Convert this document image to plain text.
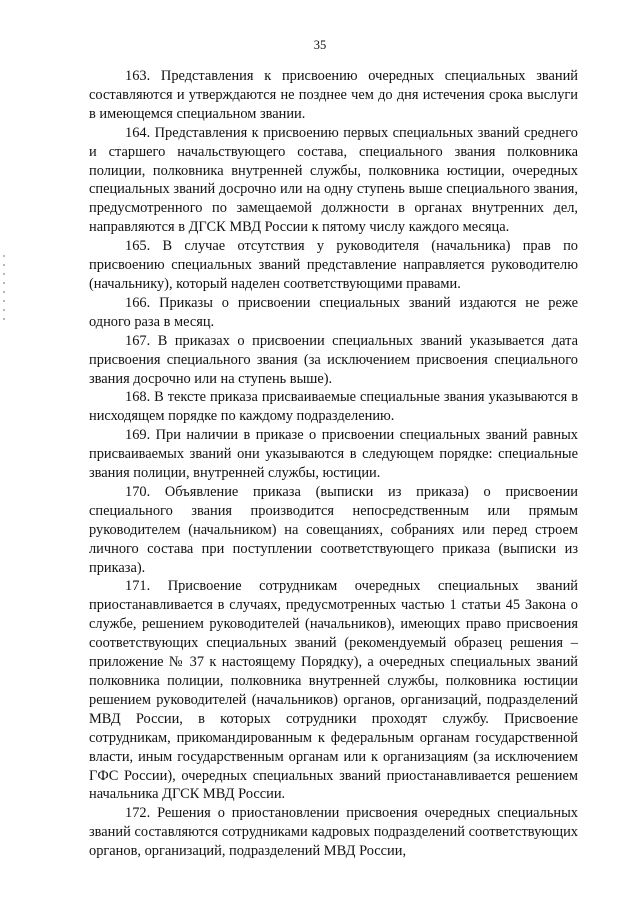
35

163. Представления к присвоению очередных специальных званий составляются и утверждаются не позднее чем до дня истечения срока выслуги в имеющемся специальном звании.

164. Представления к присвоению первых специальных званий среднего и старшего начальствующего состава, специального звания полковника полиции, полковника внутренней службы, полковника юстиции, очередных специальных званий досрочно или на одну ступень выше специального звания, предусмотренного по замещаемой должности в органах внутренних дел, направляются в ДГСК МВД России к пятому числу каждого месяца.

165. В случае отсутствия у руководителя (начальника) прав по присвоению специальных званий представление направляется руководителю (начальнику), который наделен соответствующими правами.

166. Приказы о присвоении специальных званий издаются не реже одного раза в месяц.

167. В приказах о присвоении специальных званий указывается дата присвоения специального звания (за исключением присвоения специального звания досрочно или на ступень выше).

168. В тексте приказа присваиваемые специальные звания указываются в нисходящем порядке по каждому подразделению.

169. При наличии в приказе о присвоении специальных званий равных присваиваемых званий они указываются в следующем порядке: специальные звания полиции, внутренней службы, юстиции.

170. Объявление приказа (выписки из приказа) о присвоении специального звания производится непосредственным или прямым руководителем (начальником) на совещаниях, собраниях или перед строем личного состава при поступлении соответствующего приказа (выписки из приказа).

171. Присвоение сотрудникам очередных специальных званий приостанавливается в случаях, предусмотренных частью 1 статьи 45 Закона о службе, решением руководителей (начальников), имеющих право присвоения соответствующих специальных званий (рекомендуемый образец решения – приложение № 37 к настоящему Порядку), а очередных специальных званий полковника полиции, полковника внутренней службы, полковника юстиции решением руководителей (начальников) органов, организаций, подразделений МВД России, в которых сотрудники проходят службу. Присвоение сотрудникам, прикомандированным к федеральным органам государственной власти, иным государственным органам или к организациям (за исключением ГФС России), очередных специальных званий приостанавливается решением начальника ДГСК МВД России.

172. Решения о приостановлении присвоения очередных специальных званий составляются сотрудниками кадровых подразделений соответствующих органов, организаций, подразделений МВД России,
